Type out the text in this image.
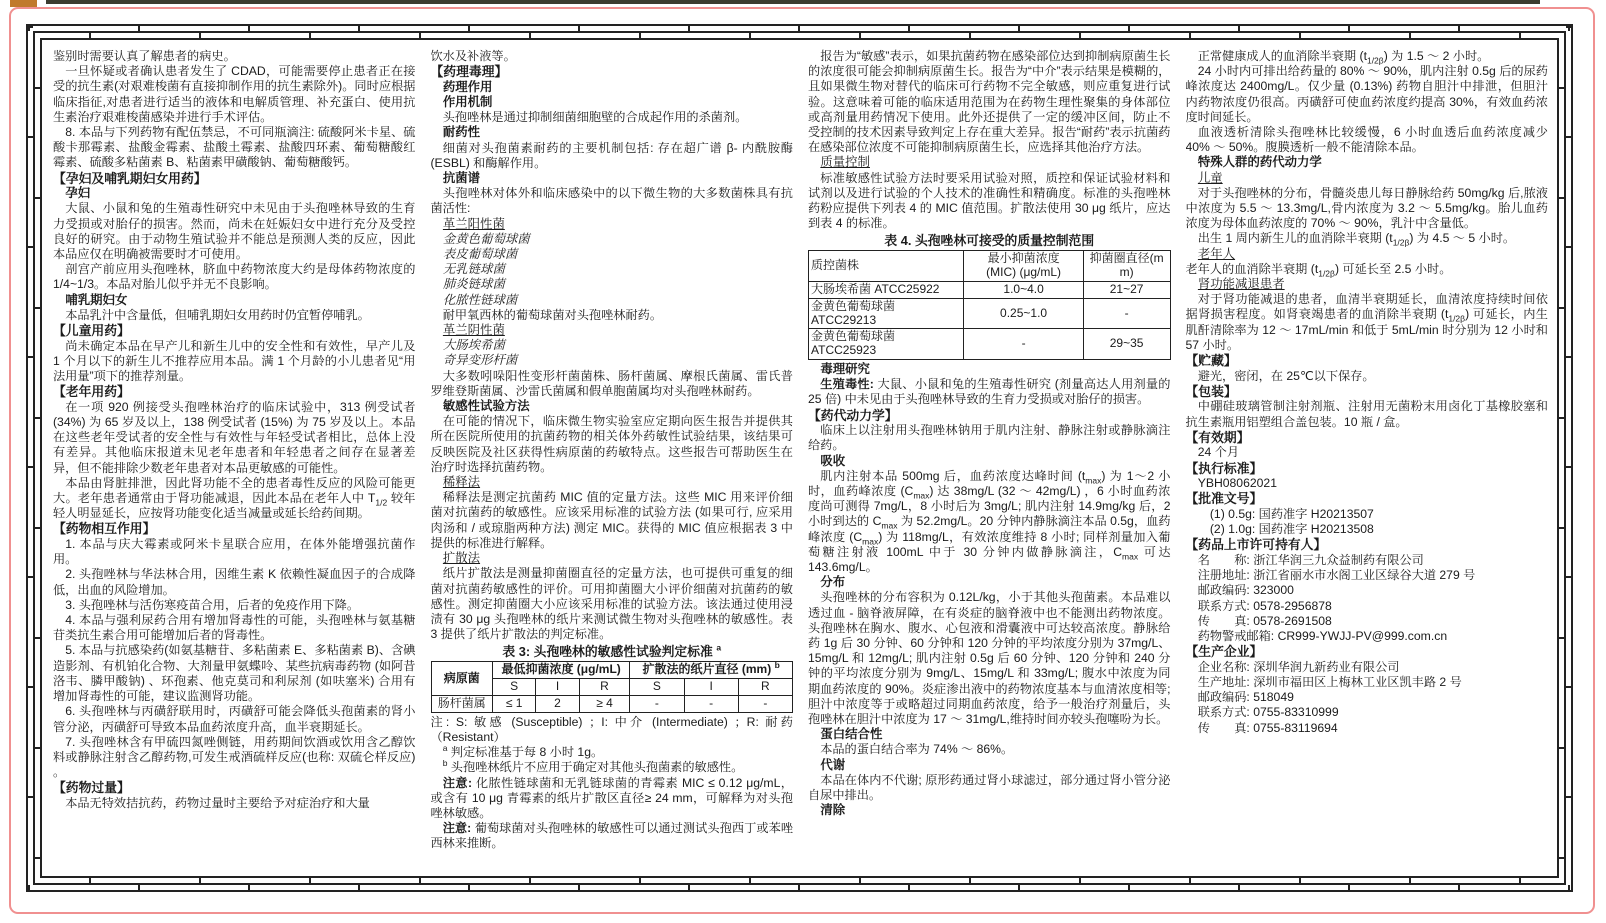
鉴别时需要认真了解患者的病史。

一旦怀疑或者确认患者发生了 CDAD，可能需要停止患者正在接受的抗生素(对艰难梭菌有直接抑制作用的抗生素除外)。同时应根据临床指征,对患者进行适当的液体和电解质管理、补充蛋白、使用抗生素治疗艰难梭菌感染并进行手术评估。

8. 本品与下列药物有配伍禁忌，不可同瓶滴注: 硫酸阿米卡星、硫酸卡那霉素、盐酸金霉素、盐酸土霉素、盐酸四环素、葡萄糖酸红霉素、硫酸多粘菌素 B、粘菌素甲磺酸钠、葡萄糖酸钙。

【孕妇及哺乳期妇女用药】
孕妇

大鼠、小鼠和兔的生殖毒性研究中未见由于头孢唑林导致的生育力受损或对胎仔的损害。然而，尚未在妊娠妇女中进行充分及受控良好的研究。由于动物生殖试验并不能总是预测人类的反应，因此本品应仅在明确被需要时才可使用。

剖宫产前应用头孢唑林，脐血中药物浓度大约是母体药物浓度的 1/4~1/3。本品对胎儿似乎并无不良影响。

哺乳期妇女

本品乳汁中含量低，但哺乳期妇女用药时仍宜暂停哺乳。

【儿童用药】

尚未确定本品在早产儿和新生儿中的安全性和有效性，早产儿及 1 个月以下的新生儿不推荐应用本品。满 1 个月龄的小儿患者见“用法用量”项下的推荐剂量。

【老年用药】

在一项 920 例接受头孢唑林治疗的临床试验中，313 例受试者 (34%) 为 65 岁及以上，138 例受试者 (15%) 为 75 岁及以上。本品在这些老年受试者的安全性与有效性与年轻受试者相比，总体上没有差异。其他临床报道未见老年患者和年轻患者之间存在显著差异，但不能排除少数老年患者对本品更敏感的可能性。

本品由肾脏排泄，因此肾功能不全的患者毒性反应的风险可能更大。老年患者通常由于肾功能减退，因此本品在老年人中 $T_{1/2}$ 较年轻人明显延长，应按肾功能变化适当减量或延长给药间期。

【药物相互作用】

1. 本品与庆大霉素或阿米卡星联合应用，在体外能增强抗菌作用。

2. 头孢唑林与华法林合用，因维生素 K 依赖性凝血因子的合成降低，出血的风险增加。

3. 头孢唑林与活伤寒疫苗合用，后者的免疫作用下降。

4. 本品与强利尿药合用有增加肾毒性的可能，头孢唑林与氨基糖苷类抗生素合用可能增加后者的肾毒性。

5. 本品与抗感染药(如氨基糖苷、多粘菌素 E、多粘菌素 B)、含碘造影剂、有机铂化合物、大剂量甲氨蝶呤、某些抗病毒药物 (如阿昔洛韦、膦甲酸钠) 、环孢素、他克莫司和利尿剂 (如呋塞米) 合用有增加肾毒性的可能，建议监测肾功能。

6. 头孢唑林与丙磺舒联用时，丙磺舒可能会降低头孢菌素的肾小管分泌，丙磺舒可导致本品血药浓度升高，血半衰期延长。

7. 头孢唑林含有甲硫四氮唑侧链，用药期间饮酒或饮用含乙醇饮料或静脉注射含乙醇药物,可发生戒酒硫样反应(也称: 双硫仑样反应) 。

【药物过量】

本品无特效拮抗药，药物过量时主要给予对症治疗和大量

饮水及补液等。

【药理毒理】
药理作用
作用机制

头孢唑林是通过抑制细菌细胞壁的合成起作用的杀菌剂。

耐药性

细菌对头孢菌素耐药的主要机制包括: 存在超广谱 β- 内酰胺酶 (ESBL) 和酶解作用。

抗菌谱

头孢唑林对体外和临床感染中的以下微生物的大多数菌株具有抗菌活性:

革兰阳性菌
金黄色葡萄球菌
表皮葡萄球菌
无乳链球菌
肺炎链球菌
化脓性链球菌

耐甲氧西林的葡萄球菌对头孢唑林耐药。

革兰阴性菌
大肠埃希菌
奇异变形杆菌

大多数吲哚阳性变形杆菌菌株、肠杆菌属、摩根氏菌属、雷氏普罗维登斯菌属、沙雷氏菌属和假单胞菌属均对头孢唑林耐药。

敏感性试验方法

在可能的情况下，临床微生物实验室应定期向医生报告并提供其所在医院所使用的抗菌药物的相关体外药敏性试验结果，该结果可反映医院及社区获得性病原菌的药敏特点。这些报告可帮助医生在治疗时选择抗菌药物。

稀释法

稀释法是测定抗菌药 MIC 值的定量方法。这些 MIC 用来评价细菌对抗菌药的敏感性。应该采用标准的试验方法 (如果可行, 应采用肉汤和 / 或琼脂两种方法) 测定 MIC。获得的 MIC 值应根据表 3 中提供的标准进行解释。

扩散法

纸片扩散法是测量抑菌圈直径的定量方法，也可提供可重复的细菌对抗菌药敏感性的评价。可用抑菌圈大小评价细菌对抗菌药的敏感性。测定抑菌圈大小应该采用标准的试验方法。该法通过使用浸渍有 30 μg 头孢唑林的纸片来测试微生物对头孢唑林的敏感性。表 3 提供了纸片扩散法的判定标准。

表 3: 头孢唑林的敏感性试验判定标准 $^a$
病原菌	最低抑菌浓度 (μg/mL)			扩散法的纸片直径 (mm) $^b$
	S	I	R	S	I	R
肠杆菌属	≤ 1	2	≥ 4	-	-	-

注: S: 敏感 (Susceptible) ；I: 中介 (Intermediate) ；R: 耐药（Resistant）

　$^a$ 判定标准基于每 8 小时 1g。

　$^b$ 头孢唑林纸片不应用于确定对其他头孢菌素的敏感性。

注意: 化脓性链球菌和无乳链球菌的青霉素 MIC ≤ 0.12 μg/mL，或含有 10 μg 青霉素的纸片扩散区直径≥ 24 mm，可解释为对头孢唑林敏感。

注意: 葡萄球菌对头孢唑林的敏感性可以通过测试头孢西丁或苯唑西林来推断。

报告为“敏感”表示，如果抗菌药物在感染部位达到抑制病原菌生长的浓度很可能会抑制病原菌生长。报告为“中介”表示结果是模糊的，且如果微生物对替代的临床可行药物不完全敏感，则应重复进行试验。这意味着可能的临床适用范围为在药物生理性聚集的身体部位或高剂量用药情况下使用。此外还提供了一定的缓冲区间，防止不受控制的技术因素导致判定上存在重大差异。报告“耐药”表示抗菌药在感染部位浓度不可能抑制病原菌生长，应选择其他治疗方法。

质量控制

标准敏感性试验方法时要采用试验对照，质控和保证试验材料和试剂以及进行试验的个人技术的准确性和精确度。标准的头孢唑林药粉应提供下列表 4 的 MIC 值范围。扩散法使用 30 μg 纸片，应达到表 4 的标准。

表 4. 头孢唑林可接受的质量控制范围
质控菌株	最小抑菌浓度
(MIC) (μg/mL)	抑菌圈直径(mm)
大肠埃希菌 ATCC25922	1.0~4.0	21~27
金黄色葡萄球菌
ATCC29213	0.25~1.0	-
金黄色葡萄球菌
ATCC25923	-	29~35
毒理研究

生殖毒性: 大鼠、小鼠和兔的生殖毒性研究 (剂量高达人用剂量的 25 倍) 中未见由于头孢唑林导致的生育力受损或对胎仔的损害。

【药代动力学】

临床上以注射用头孢唑林钠用于肌内注射、静脉注射或静脉滴注给药。

吸收

肌内注射本品 500mg 后，血药浓度达峰时间 $(t_{max})$ 为 1～2 小时，血药峰浓度 $(C_{max})$ 达 38mg/L (32 ～ 42mg/L) ，6 小时血药浓度尚可测得 7mg/L，8 小时后为 3mg/L; 肌内注射 14.9mg/kg 后，2 小时到达的 $C_{max}$ 为 52.2mg/L。20 分钟内静脉滴注本品 0.5g，血药峰浓度 $(C_{max})$ 为 118mg/L，有效浓度维持 8 小时; 同样剂量加入葡萄糖注射液 100mL 中于 30 分钟内做静脉滴注，$C_{max}$ 可达 143.6mg/L。

分布

头孢唑林的分布容积为 0.12L/kg，小于其他头孢菌素。本品难以透过血 - 脑脊液屏障，在有炎症的脑脊液中也不能测出药物浓度。头孢唑林在胸水、腹水、心包液和滑囊液中可达较高浓度。静脉给药 1g 后 30 分钟、60 分钟和 120 分钟的平均浓度分别为 37mg/L、15mg/L 和 12mg/L; 肌内注射 0.5g 后 60 分钟、120 分钟和 240 分钟的平均浓度分别为 9mg/L、15mg/L 和 33mg/L; 腹水中浓度为同期血药浓度的 90%。炎症渗出液中的药物浓度基本与血清浓度相等; 胆汁中浓度等于或略超过同期血药浓度，给予一般治疗剂量后，头孢唑林在胆汁中浓度为 17 ～ 31mg/L,维持时间亦较头孢噻吩为长。

蛋白结合性

本品的蛋白结合率为 74% ～ 86%。

代谢

本品在体内不代谢; 原形药通过肾小球滤过，部分通过肾小管分泌自尿中排出。

清除

正常健康成人的血消除半衰期 $(t_{1/2\beta})$ 为 1.5 ～ 2 小时。

24 小时内可排出给药量的 80% ～ 90%，肌内注射 0.5g 后的尿药峰浓度达 2400mg/L。仅少量 (0.13%) 药物自胆汁中排泄，但胆汁内药物浓度仍很高。丙磺舒可使血药浓度约提高 30%，有效血药浓度时间延长。

血液透析清除头孢唑林比较缓慢，6 小时血透后血药浓度减少 40% ～ 50%。腹膜透析一般不能清除本品。

特殊人群的药代动力学
儿童

对于头孢唑林的分布，骨髓炎患儿每日静脉给药 50mg/kg 后,脓液中浓度为 5.5 ～ 13.3mg/L,骨内浓度为 3.2 ～ 5.5mg/kg。胎儿血药浓度为母体血药浓度的 70% ～ 90%，乳汁中含量低。

出生 1 周内新生儿的血消除半衰期 $(t_{1/2\beta})$ 为 4.5 ～ 5 小时。

老年人

老年人的血消除半衰期 $(t_{1/2\beta})$ 可延长至 2.5 小时。

肾功能减退患者

对于肾功能减退的患者，血清半衰期延长，血清浓度持续时间依据肾损害程度。如肾衰竭患者的血消除半衰期 $(t_{1/2\beta})$ 可延长，内生肌酐清除率为 12 ～ 17mL/min 和低于 5mL/min 时分别为 12 小时和 57 小时。

【贮藏】

避光，密闭，在 25℃以下保存。

【包装】

中硼硅玻璃管制注射剂瓶、注射用无菌粉末用卤化丁基橡胶塞和抗生素瓶用铝塑组合盖包装。10 瓶 / 盒。

【有效期】

24 个月

【执行标准】

YBH08062021

【批准文号】

　(1) 0.5g: 国药准字 H20213507

　(2) 1.0g: 国药准字 H20213508

【药品上市许可持有人】

名　　称: 浙江华润三九众益制药有限公司

注册地址: 浙江省丽水市水阁工业区绿谷大道 279 号

邮政编码: 323000

联系方式: 0578-2956878

传　　真: 0578-2691508

药物警戒邮箱: CR999-YWJJ-PV@999.com.cn

【生产企业】

企业名称: 深圳华润九新药业有限公司

生产地址: 深圳市福田区上梅林工业区凯丰路 2 号

邮政编码: 518049

联系方式: 0755-83310999

传　　真: 0755-83119694
